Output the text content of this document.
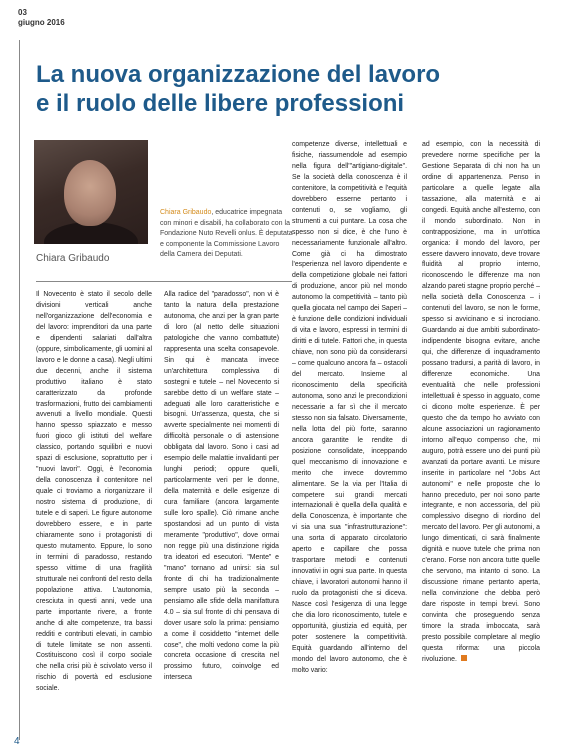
03
giugno 2016
La nuova organizzazione del lavoro
e il ruolo delle libere professioni
Chiara Gribaudo
Chiara Gribaudo, educatrice impegnata con minori e disabili, ha collaborato con la Fondazione Nuto Revelli onlus. È deputata e componente la Commissione Lavoro della Camera dei Deputati.
Il Novecento è stato il secolo delle divisioni verticali anche nell'organizzazione dell'economia e del lavoro: imprenditori da una parte e dipendenti salariati dall'altra (oppure, simbolicamente, gli uomini al lavoro e le donne a casa). Negli ultimi due decenni, anche il sistema produttivo italiano è stato caratterizzato da profonde trasformazioni, frutto dei cambiamenti avvenuti a livello mondiale. Questi hanno spesso spiazzato e messo fuori gioco gli istituti del welfare classico, portando squilibri e nuovi spazi di esclusione, soprattutto per i "nuovi lavori". Oggi, è l'economia della conoscenza il contenitore nel quale ci troviamo a riorganizzare il nostro sistema di produzione, di tutele e di saperi. Le figure autonome dovrebbero essere, e in parte chiaramente sono i protagonisti di questo mutamento. Eppure, lo sono in termini di paradosso, restando spesso vittime di una fragilità strutturale nei confronti del resto della popolazione attiva. L'autonomia, cresciuta in questi anni, vede una parte importante rivere, a fronte anche di alte competenze, tra bassi redditi e contributi elevati, in cambio di tutele limitate se non assenti. Costituiscono così il corpo sociale che nella crisi più è scivolato verso il rischio di povertà ed esclusione sociale.
Alla radice del "paradosso", non vi è tanto la natura della prestazione autonoma, che anzi per la gran parte di loro (al netto delle situazioni patologiche che vanno combattute) rappresenta una scelta consapevole. Sin qui è mancata invece un'architettura complessiva di sostegni e tutele – nel Novecento si sarebbe detto di un welfare state – adeguati alle loro caratteristiche e bisogni. Un'assenza, questa, che si avverte specialmente nei momenti di difficoltà personale o di astensione obbligata dal lavoro. Sono i casi ad esempio delle malattie invalidanti per lunghi periodi; oppure quelli, particolarmente veri per le donne, della maternità e delle esigenze di cura familiare (ancora largamente sulle loro spalle). Ciò rimane anche spostandosi ad un punto di vista meramente "produttivo", dove ormai non regge più una distinzione rigida tra ideatori ed esecutori. "Mente" e "mano" tornano ad unirsi: sia sul fronte di chi ha tradizionalmente sempre usato più la seconda – pensiamo alle sfide della manifattura 4.0 – sia sul fronte di chi pensava di dover usare solo la prima: pensiamo a come il cosiddetto "internet delle cose", che molti vedono come la più concreta occasione di crescita nel prossimo futuro, coinvolge ed interseca
competenze diverse, intellettuali e fisiche, riassumendole ad esempio nella figura dell'"artigiano-digitale". Se la società della conoscenza è il contenitore, la competitività e l'equità dovrebbero esserne pertanto i contenuti o, se vogliamo, gli strumenti a cui puntare. La cosa che spesso non si dice, è che l'uno è necessariamente funzionale all'altro. Come già ci ha dimostrato l'esperienza nel lavoro dipendente e della competizione globale nei fattori di produzione, ancor più nel mondo autonomo la competitività – tanto più quella giocata nel campo dei Saperi – è funzione delle condizioni individuali di vita e lavoro, espressi in termini di diritti e di tutele. Fattori che, in questa chiave, non sono più da considerarsi – come qualcuno ancora fa – ostacoli del mercato. Insieme al riconoscimento della specificità autonoma, sono anzi le precondizioni necessarie a far sì che il mercato stesso non sia falsato. Diversamente, nella lotta del più forte, saranno ancora garantite le rendite di posizione consolidate, inceppando quel meccanismo di innovazione e merito che invece dovremmo alimentare. Se la via per l'Italia di competere sui grandi mercati internazionali è quella della qualità e della Conoscenza, è importante che vi sia una sua "infrastrutturazione": una sorta di apparato circolatorio aperto e capillare che possa trasportare metodi e contenuti innovativi in ogni sua parte. In questa chiave, i lavoratori autonomi hanno il ruolo da protagonisti che si diceva. Nasce così l'esigenza di una legge che dia loro riconoscimento, tutele e opportunità, giustizia ed equità, per poter sostenere la competitività. Equità guardando all'interno del mondo del lavoro autonomo, che è molto vario:
ad esempio, con la necessità di prevedere norme specifiche per la Gestione Separata di chi non ha un ordine di appartenenza. Penso in particolare a quelle legate alla tassazione, alla maternità e ai congedi. Equità anche all'esterno, con il mondo subordinato. Non in contrapposizione, ma in un'ottica organica: il mondo del lavoro, per essere davvero innovato, deve trovare fluidità al proprio interno, riconoscendo le differenze ma non alzando pareti stagne proprio perché – nella società della Conoscenza – i contenuti del lavoro, se non le forme, spesso si avvicinano e si incrociano. Guardando ai due ambiti subordinato-indipendente bisogna evitare, anche qui, che differenze di inquadramento possano tradursi, a parità di lavoro, in differenze economiche. Una eventualità che nelle professioni intellettuali è spesso in agguato, come ci dicono molte esperienze. È per questo che da tempo ho avviato con alcune associazioni un ragionamento intorno all'equo compenso che, mi auguro, potrà essere uno dei punti più avanzati da portare avanti. Le misure inserite in particolare nel "Jobs Act autonomi" e nelle proposte che lo hanno preceduto, per noi sono parte integrante, e non accessoria, del più complessivo disegno di riordino del mercato del lavoro. Per gli autonomi, a lungo dimenticati, ci sarà finalmente dignità e nuove tutele che prima non c'erano. Forse non ancora tutte quelle che servono, ma intanto ci sono. La discussione rimane pertanto aperta, nella convinzione che debba però dare risposte in tempi brevi. Sono convinta che proseguendo senza timore la strada imboccata, sarà presto possibile completare al meglio questa riforma: una piccola rivoluzione.
4
